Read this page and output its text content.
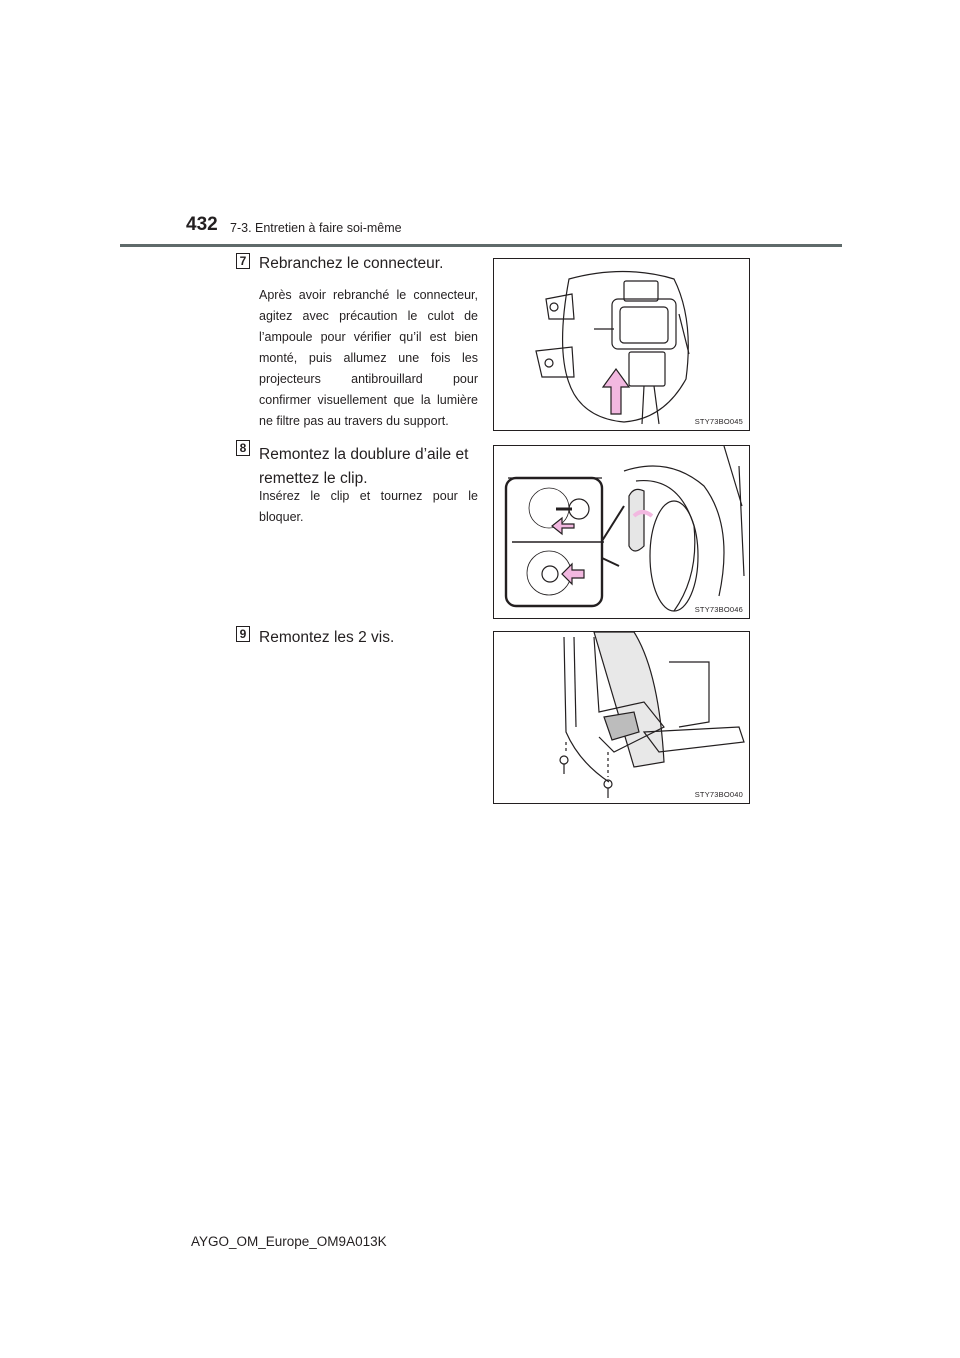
432 7-3. Entretien à faire soi-même
7 Rebranchez le connecteur.
Après avoir rebranché le connecteur, agitez avec précaution le culot de l’ampoule pour vérifier qu’il est bien monté, puis allumez une fois les projecteurs antibrouillard pour confirmer visuellement que la lumière ne filtre pas au travers du support.	STY73BO045
8 Remontez la doublure d’aile et remettez le clip.
Insérez le clip et tournez pour le bloquer.
STY73BO046
9 Remontez les 2 vis.
STY73BO040
AYGO_OM_Europe_OM9A013K
